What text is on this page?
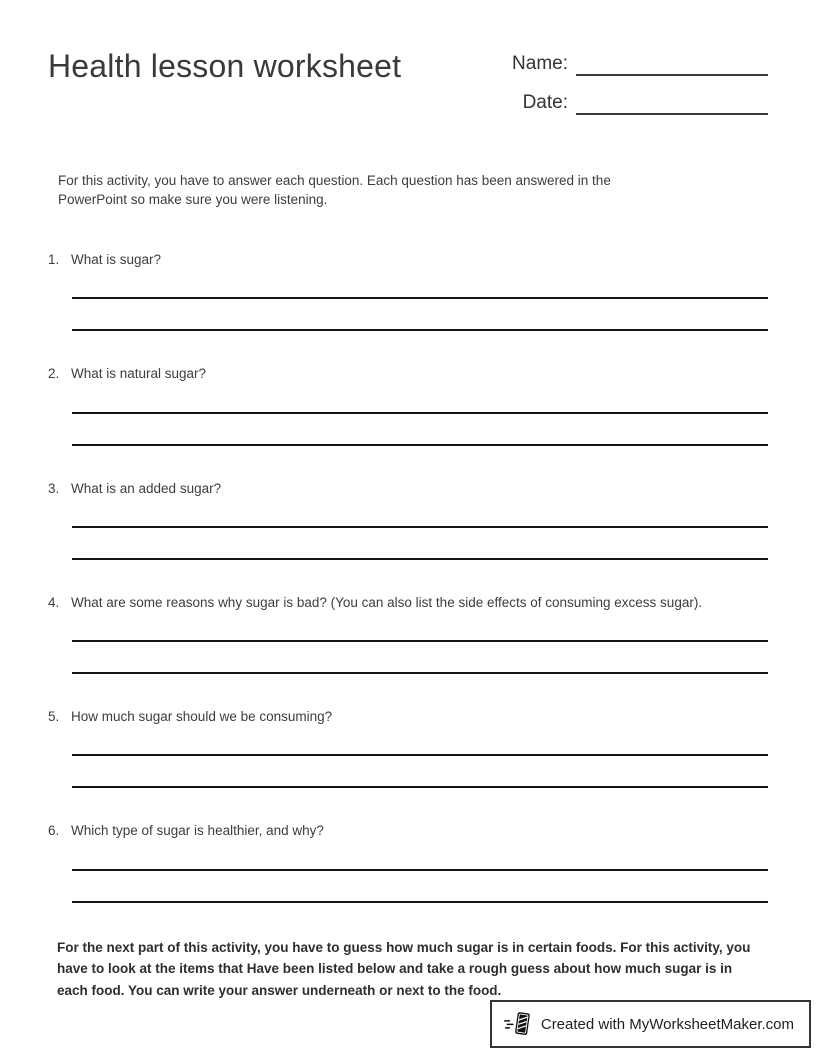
Health lesson worksheet	Name:
Date:

For this activity, you have to answer each question. Each question has been answered in the PowerPoint so make sure you were listening.

1. What is sugar?
2. What is natural sugar?
3. What is an added sugar?
4. What are some reasons why sugar is bad? (You can also list the side effects of consuming excess sugar).
5. How much sugar should we be consuming?
6. Which type of sugar is healthier, and why?

For the next part of this activity, you have to guess how much sugar is in certain foods. For this activity, you have to look at the items that Have been listed below and take a rough guess about how much sugar is in each food. You can write your answer underneath or next to the food.

Created with MyWorksheetMaker.com
